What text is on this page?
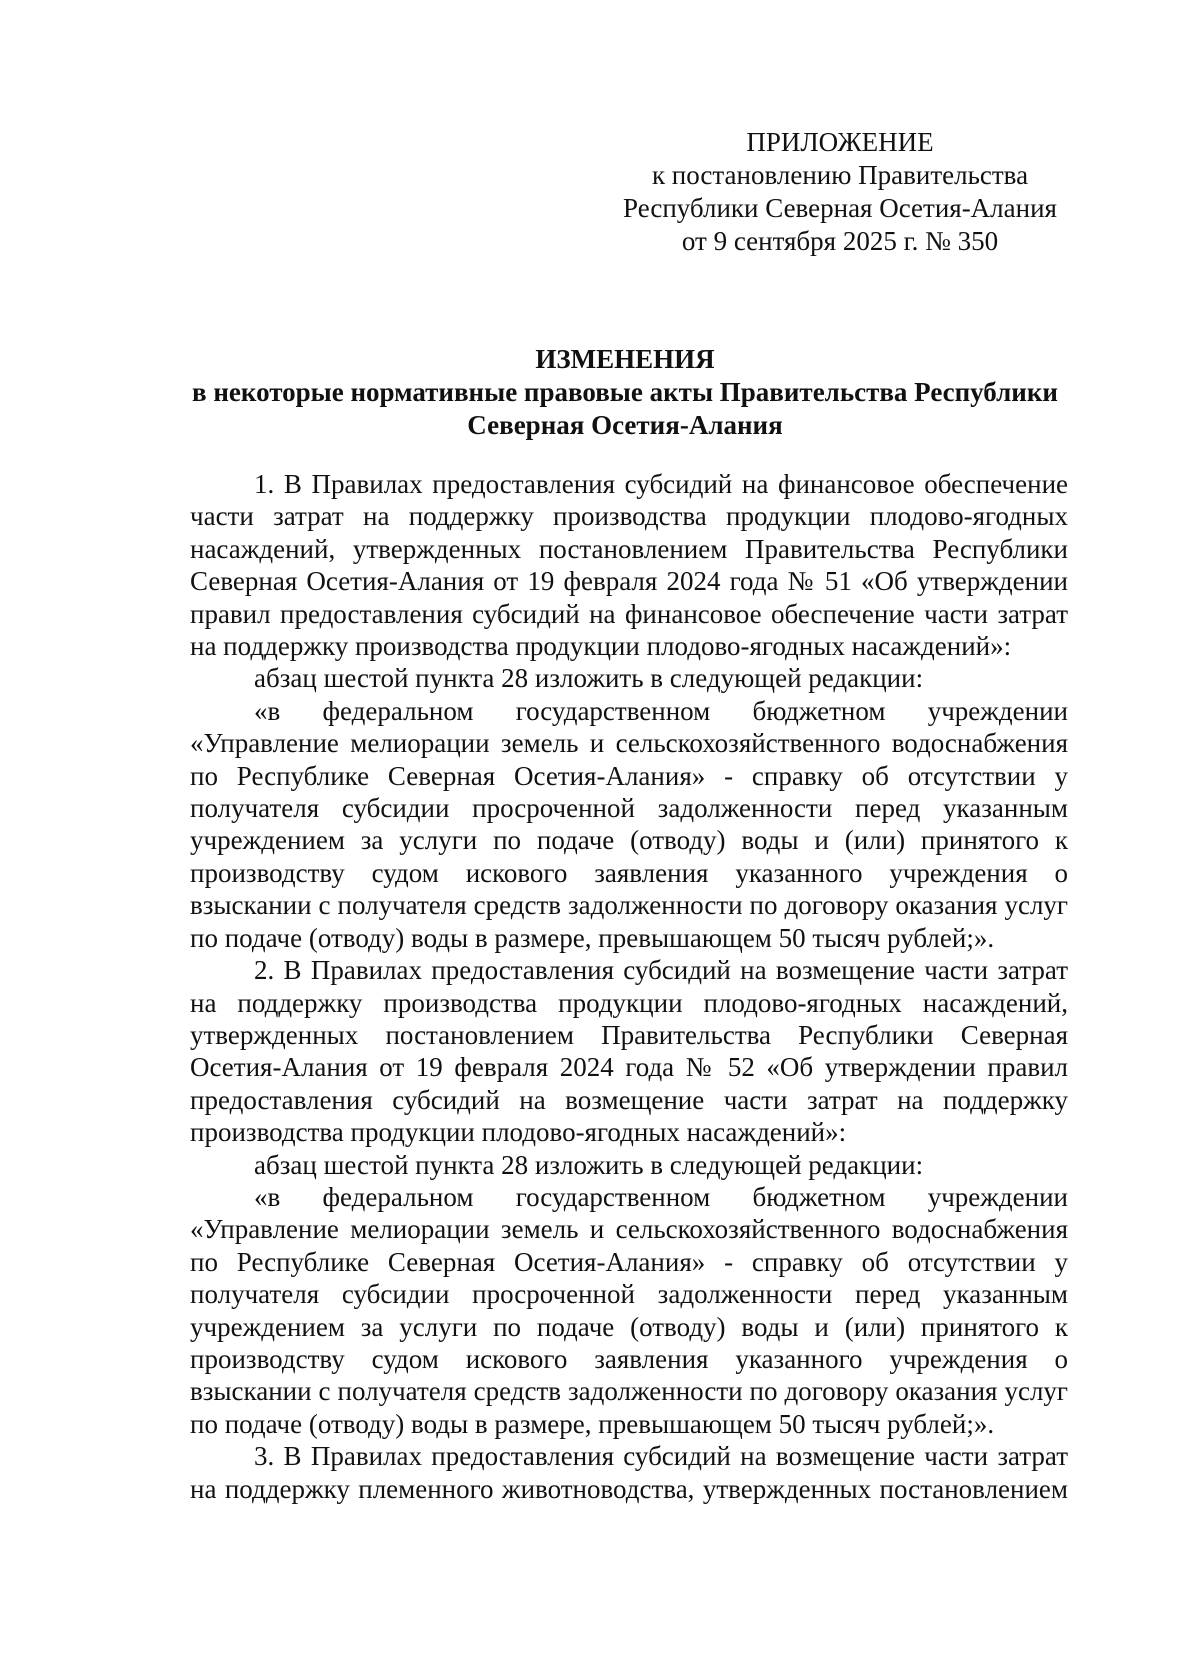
ПРИЛОЖЕНИЕ
к постановлению Правительства
Республики Северная Осетия-Алания
от 9 сентября 2025 г. № 350
ИЗМЕНЕНИЯ
в некоторые нормативные правовые акты Правительства Республики
Северная Осетия-Алания

1. В Правилах предоставления субсидий на финансовое обеспечение части затрат на поддержку производства продукции плодово-ягодных насаждений, утвержденных постановлением Правительства Республики Северная Осетия-Алания от 19 февраля 2024 года № 51 «Об утверждении правил предоставления субсидий на финансовое обеспечение части затрат на поддержку производства продукции плодово-ягодных насаждений»:

абзац шестой пункта 28 изложить в следующей редакции:

«в федеральном государственном бюджетном учреждении «Управление мелиорации земель и сельскохозяйственного водоснабжения по Республике Северная Осетия-Алания» - справку об отсутствии у получателя субсидии просроченной задолженности перед указанным учреждением за услуги по подаче (отводу) воды и (или) принятого к производству судом искового заявления указанного учреждения о взыскании с получателя средств задолженности по договору оказания услуг по подаче (отводу) воды в размере, превышающем 50 тысяч рублей;».

2. В Правилах предоставления субсидий на возмещение части затрат на поддержку производства продукции плодово-ягодных насаждений, утвержденных постановлением Правительства Республики Северная Осетия-Алания от 19 февраля 2024 года № 52 «Об утверждении правил предоставления субсидий на возмещение части затрат на поддержку производства продукции плодово-ягодных насаждений»:

абзац шестой пункта 28 изложить в следующей редакции:

«в федеральном государственном бюджетном учреждении «Управление мелиорации земель и сельскохозяйственного водоснабжения по Республике Северная Осетия-Алания» - справку об отсутствии у получателя субсидии просроченной задолженности перед указанным учреждением за услуги по подаче (отводу) воды и (или) принятого к производству судом искового заявления указанного учреждения о взыскании с получателя средств задолженности по договору оказания услуг по подаче (отводу) воды в размере, превышающем 50 тысяч рублей;».

3. В Правилах предоставления субсидий на возмещение части затрат на поддержку племенного животноводства, утвержденных постановлением
